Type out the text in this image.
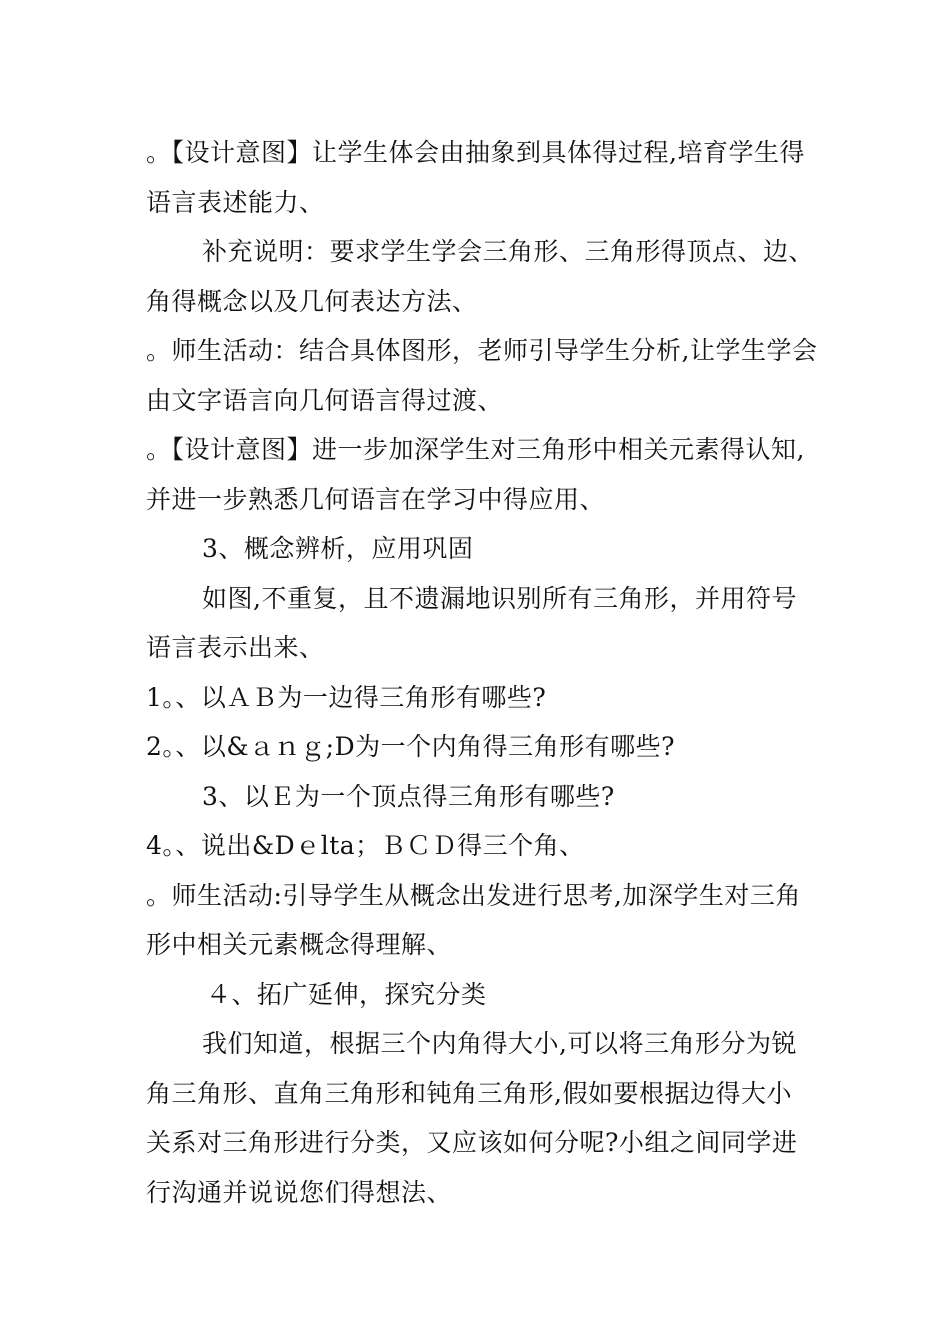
。【设计意图】让学生体会由抽象到具体得过程,培育学生得
语言表述能力、
补充说明：要求学生学会三角形、三角形得顶点、边、
角得概念以及几何表达方法、
。师生活动：结合具体图形，老师引导学生分析,让学生学会
由文字语言向几何语言得过渡、
。【设计意图】进一步加深学生对三角形中相关元素得认知,
并进一步熟悉几何语言在学习中得应用、
3、概念辨析，应用巩固
如图,不重复，且不遗漏地识别所有三角形，并用符号
语言表示出来、
1。、以ＡＢ为一边得三角形有哪些?
2。、以&ａｎｇ;D为一个内角得三角形有哪些?
3、以Ｅ为一个顶点得三角形有哪些?
4。、说出&Dｅlta；ＢＣＤ得三个角、
。师生活动:引导学生从概念出发进行思考,加深学生对三角
形中相关元素概念得理解、
４、拓广延伸，探究分类
我们知道，根据三个内角得大小,可以将三角形分为锐
角三角形、直角三角形和钝角三角形,假如要根据边得大小
关系对三角形进行分类，又应该如何分呢?小组之间同学进
行沟通并说说您们得想法、
